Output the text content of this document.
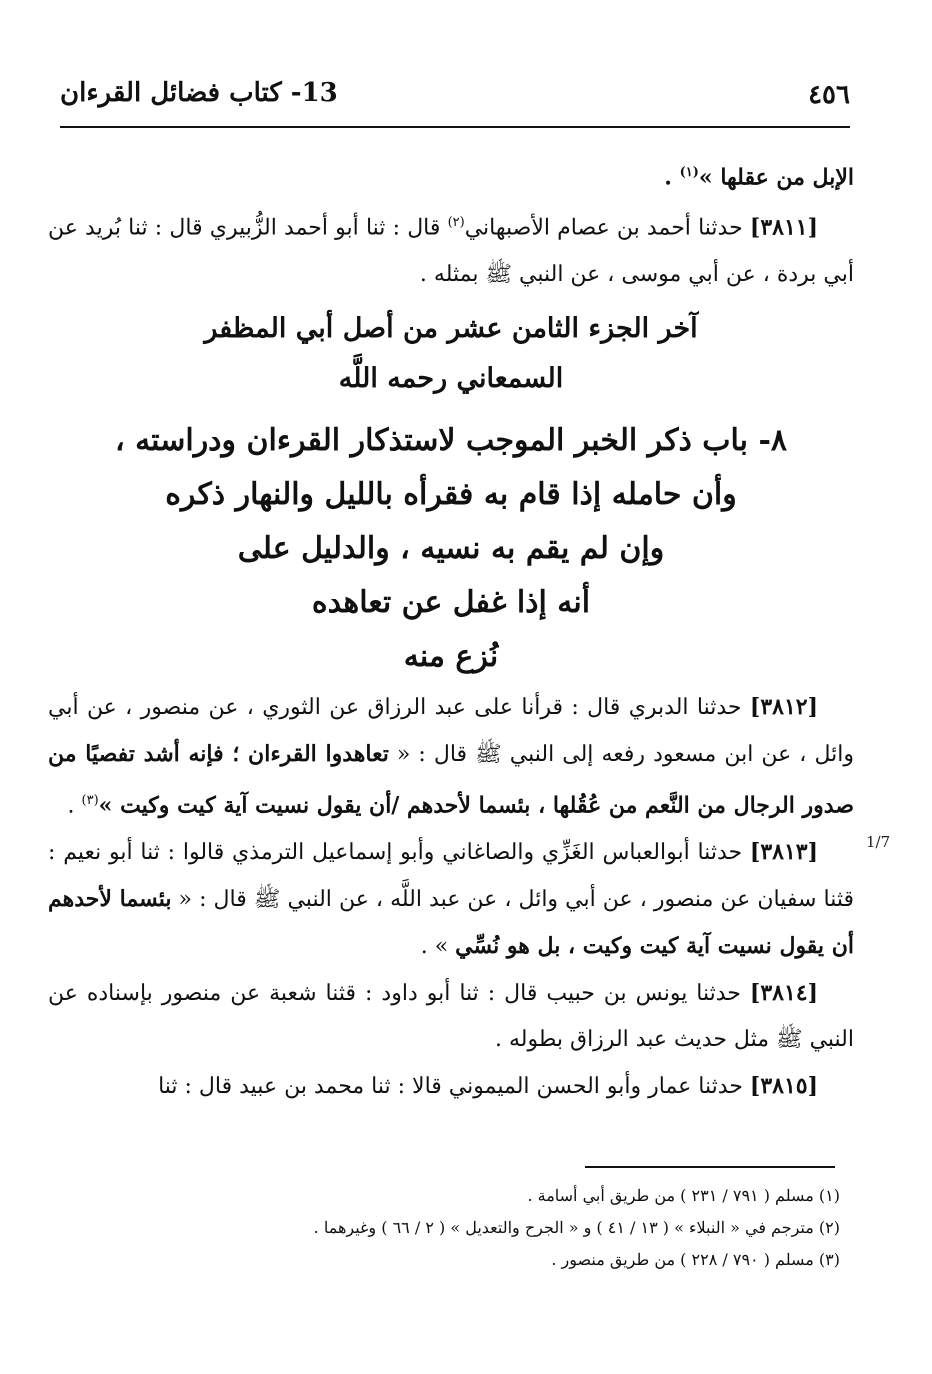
13- كتاب فضائل القرءان	٤٥٦

الإبل من عقلها »$^{(١)}$ .

[٣٨١١] حدثنا أحمد بن عصام الأصبهاني$^{(٢)}$ قال : ثنا أبو أحمد الزُّبيري قال : ثنا بُريد عن أبي بردة ، عن أبي موسى ، عن النبي ﷺ بمثله .

آخر الجزء الثامن عشر من أصل أبي المظفر

السمعاني رحمه اللَّه

٨- باب ذكر الخبر الموجب لاستذكار القرءان ودراسته ،

وأن حامله إذا قام به فقرأه بالليل والنهار ذكره

وإن لم يقم به نسيه ، والدليل على

أنه إذا غفل عن تعاهده

نُزع منه

[٣٨١٢] حدثنا الدبري قال : قرأنا على عبد الرزاق عن الثوري ، عن منصور ، عن أبي وائل ، عن ابن مسعود رفعه إلى النبي ﷺ قال : « تعاهدوا القرءان ؛ فإنه أشد تفصيًا من صدور الرجال من النَّعم من عُقُلها ، بئسما لأحدهم /أن يقول نسيت آية كيت وكيت »$^{(٣)}$ .

[٣٨١٣] حدثنا أبوالعباس الغَزِّي والصاغاني وأبو إسماعيل الترمذي قالوا : ثنا أبو نعيم : قثنا سفيان عن منصور ، عن أبي وائل ، عن عبد اللَّه ، عن النبي ﷺ قال : « بئسما لأحدهم أن يقول نسيت آية كيت وكيت ، بل هو نُسِّي » .

[٣٨١٤] حدثنا يونس بن حبيب قال : ثنا أبو داود : قثنا شعبة عن منصور بإسناده عن النبي ﷺ مثل حديث عبد الرزاق بطوله .

[٣٨١٥] حدثنا عمار وأبو الحسن الميموني قالا : ثنا محمد بن عبيد قال : ثنا

1/7

(١) مسلم ( ٧٩١ / ٢٣١ ) من طريق أبي أسامة .

(٢) مترجم في « النبلاء » ( ١٣ / ٤١ ) و « الجرح والتعديل » ( ٢ / ٦٦ ) وغيرهما .

(٣) مسلم ( ٧٩٠ / ٢٢٨ ) من طريق منصور .
